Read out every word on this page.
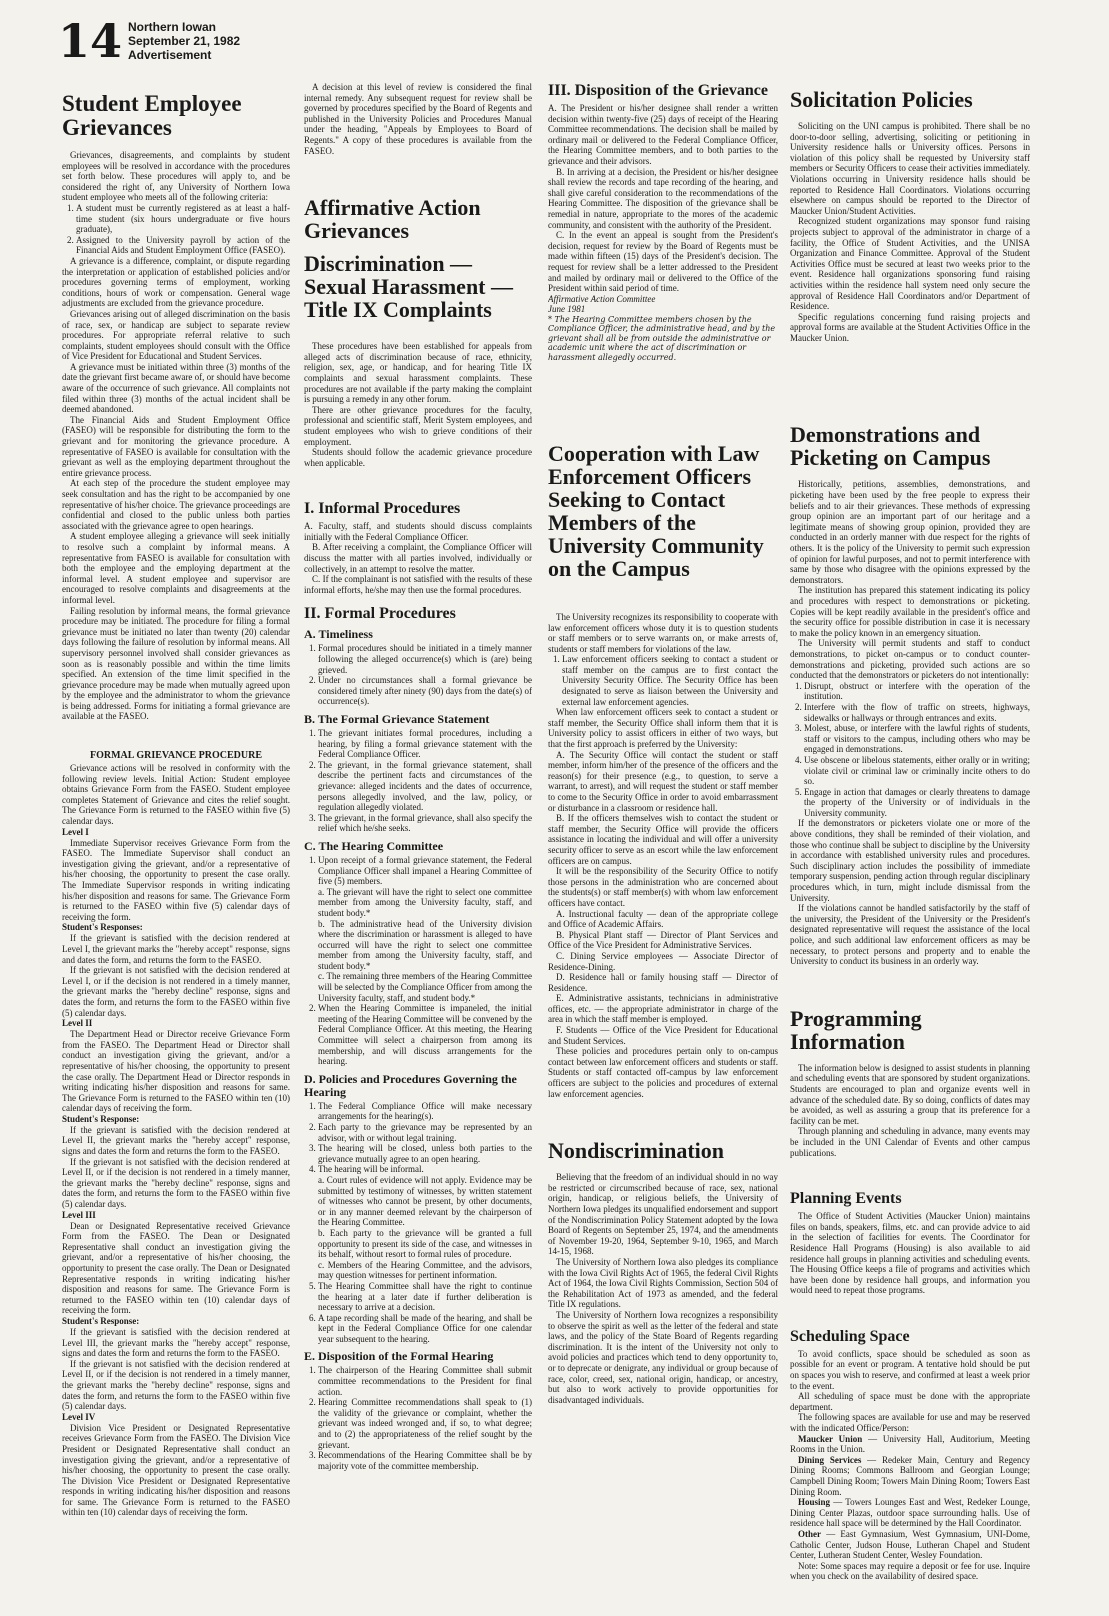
14 Northern Iowan
September 21, 1982
Advertisement
Student Employee Grievances

Grievances, disagreements, and complaints by student employees will be resolved in accordance with the procedures set forth below. These procedures will apply to, and be considered the right of, any University of Northern Iowa student employee who meets all of the following criteria:

1. A student must be currently registered as at least a half-time student (six hours undergraduate or five hours graduate),
2. Assigned to the University payroll by action of the Financial Aids and Student Employment Office (FASEO).

A grievance is a difference, complaint, or dispute regarding the interpretation or application of established policies and/or procedures governing terms of employment, working conditions, hours of work or compensation. General wage adjustments are excluded from the grievance procedure.

Grievances arising out of alleged discrimination on the basis of race, sex, or handicap are subject to separate review procedures. For appropriate referral relative to such complaints, student employees should consult with the Office of Vice President for Educational and Student Services.

A grievance must be initiated within three (3) months of the date the grievant first became aware of, or should have become aware of the occurrence of such grievance. All complaints not filed within three (3) months of the actual incident shall be deemed abandoned.

The Financial Aids and Student Employment Office (FASEO) will be responsible for distributing the form to the grievant and for monitoring the grievance procedure. A representative of FASEO is available for consultation with the grievant as well as the employing department throughout the entire grievance process.

At each step of the procedure the student employee may seek consultation and has the right to be accompanied by one representative of his/her choice. The grievance proceedings are confidential and closed to the public unless both parties associated with the grievance agree to open hearings.

A student employee alleging a grievance will seek initially to resolve such a complaint by informal means. A representative from FASEO is available for consultation with both the employee and the employing department at the informal level. A student employee and supervisor are encouraged to resolve complaints and disagreements at the informal level.

Failing resolution by informal means, the formal grievance procedure may be initiated. The procedure for filing a formal grievance must be initiated no later than twenty (20) calendar days following the failure of resolution by informal means. All supervisory personnel involved shall consider grievances as soon as is reasonably possible and within the time limits specified. An extension of the time limit specified in the grievance procedure may be made when mutually agreed upon by the employee and the administrator to whom the grievance is being addressed. Forms for initiating a formal grievance are available at the FASEO.

FORMAL GRIEVANCE PROCEDURE

Grievance actions will be resolved in conformity with the following review levels. Initial Action: Student employee obtains Grievance Form from the FASEO. Student employee completes Statement of Grievance and cites the relief sought. The Grievance Form is returned to the FASEO within five (5) calendar days.

Level I

Immediate Supervisor receives Grievance Form from the FASEO. The Immediate Supervisor shall conduct an investigation giving the grievant, and/or a representative of his/her choosing, the opportunity to present the case orally. The Immediate Supervisor responds in writing indicating his/her disposition and reasons for same. The Grievance Form is returned to the FASEO within five (5) calendar days of receiving the form.

Student's Responses:

If the grievant is satisfied with the decision rendered at Level I, the grievant marks the "hereby accept" response, signs and dates the form, and returns the form to the FASEO.

If the grievant is not satisfied with the decision rendered at Level I, or if the decision is not rendered in a timely manner, the grievant marks the "hereby decline" response, signs and dates the form, and returns the form to the FASEO within five (5) calendar days.

Level II

The Department Head or Director receive Grievance Form from the FASEO. The Department Head or Director shall conduct an investigation giving the grievant, and/or a representative of his/her choosing, the opportunity to present the case orally. The Department Head or Director responds in writing indicating his/her disposition and reasons for same. The Grievance Form is returned to the FASEO within ten (10) calendar days of receiving the form.

Student's Response:

If the grievant is satisfied with the decision rendered at Level II, the grievant marks the "hereby accept" response, signs and dates the form and returns the form to the FASEO.

If the grievant is not satisfied with the decision rendered at Level II, or if the decision is not rendered in a timely manner, the grievant marks the "hereby decline" response, signs and dates the form, and returns the form to the FASEO within five (5) calendar days.

Level III

Dean or Designated Representative received Grievance Form from the FASEO. The Dean or Designated Representative shall conduct an investigation giving the grievant, and/or a representative of his/her choosing, the opportunity to present the case orally. The Dean or Designated Representative responds in writing indicating his/her disposition and reasons for same. The Grievance Form is returned to the FASEO within ten (10) calendar days of receiving the form.

Student's Response:

If the grievant is satisfied with the decision rendered at Level III, the grievant marks the "hereby accept" response, signs and dates the form and returns the form to the FASEO.

If the grievant is not satisfied with the decision rendered at Level II, or if the decision is not rendered in a timely manner, the grievant marks the "hereby decline" response, signs and dates the form, and returns the form to the FASEO within five (5) calendar days.

Level IV

Division Vice President or Designated Representative receives Grievance Form from the FASEO. The Division Vice President or Designated Representative shall conduct an investigation giving the grievant, and/or a representative of his/her choosing, the opportunity to present the case orally. The Division Vice President or Designated Representative responds in writing indicating his/her disposition and reasons for same. The Grievance Form is returned to the FASEO within ten (10) calendar days of receiving the form.

A decision at this level of review is considered the final internal remedy. Any subsequent request for review shall be governed by procedures specified by the Board of Regents and published in the University Policies and Procedures Manual under the heading, "Appeals by Employees to Board of Regents." A copy of these procedures is available from the FASEO.

Affirmative Action Grievances
Discrimination — Sexual Harassment — Title IX Complaints

These procedures have been established for appeals from alleged acts of discrimination because of race, ethnicity, religion, sex, age, or handicap, and for hearing Title IX complaints and sexual harassment complaints. These procedures are not available if the party making the complaint is pursuing a remedy in any other forum.

There are other grievance procedures for the faculty, professional and scientific staff, Merit System employees, and student employees who wish to grieve conditions of their employment.

Students should follow the academic grievance procedure when applicable.

I. Informal Procedures

A. Faculty, staff, and students should discuss complaints initially with the Federal Compliance Officer.

B. After receiving a complaint, the Compliance Officer will discuss the matter with all parties involved, individually or collectively, in an attempt to resolve the matter.

C. If the complainant is not satisfied with the results of these informal efforts, he/she may then use the formal procedures.

II. Formal Procedures
A. Timeliness
1. Formal procedures should be initiated in a timely manner following the alleged occurrence(s) which is (are) being grieved.
2. Under no circumstances shall a formal grievance be considered timely after ninety (90) days from the date(s) of occurrence(s).
B. The Formal Grievance Statement
1. The grievant initiates formal procedures, including a hearing, by filing a formal grievance statement with the Federal Compliance Officer.
2. The grievant, in the formal grievance statement, shall describe the pertinent facts and circumstances of the grievance: alleged incidents and the dates of occurrence, persons allegedly involved, and the law, policy, or regulation allegedly violated.
3. The grievant, in the formal grievance, shall also specify the relief which he/she seeks.
C. The Hearing Committee
1. Upon receipt of a formal grievance statement, the Federal Compliance Officer shall impanel a Hearing Committee of five (5) members.
a. The grievant will have the right to select one committee member from among the University faculty, staff, and student body.*
b. The administrative head of the University division where the discrimination or harassment is alleged to have occurred will have the right to select one committee member from among the University faculty, staff, and student body.*
c. The remaining three members of the Hearing Committee will be selected by the Compliance Officer from among the University faculty, staff, and student body.*
2. When the Hearing Committee is impaneled, the initial meeting of the Hearing Committee will be convened by the Federal Compliance Officer. At this meeting, the Hearing Committee will select a chairperson from among its membership, and will discuss arrangements for the hearing.
D. Policies and Procedures Governing the Hearing
1. The Federal Compliance Office will make necessary arrangements for the hearing(s).
2. Each party to the grievance may be represented by an advisor, with or without legal training.
3. The hearing will be closed, unless both parties to the grievance mutually agree to an open hearing.
4. The hearing will be informal.
a. Court rules of evidence will not apply. Evidence may be submitted by testimony of witnesses, by written statement of witnesses who cannot be present, by other documents, or in any manner deemed relevant by the chairperson of the Hearing Committee.
b. Each party to the grievance will be granted a full opportunity to present its side of the case, and witnesses in its behalf, without resort to formal rules of procedure.
c. Members of the Hearing Committee, and the advisors, may question witnesses for pertinent information.
5. The Hearing Committee shall have the right to continue the hearing at a later date if further deliberation is necessary to arrive at a decision.
6. A tape recording shall be made of the hearing, and shall be kept in the Federal Compliance Office for one calendar year subsequent to the hearing.
E. Disposition of the Formal Hearing
1. The chairperson of the Hearing Committee shall submit committee recommendations to the President for final action.
2. Hearing Committee recommendations shall speak to (1) the validity of the grievance or complaint, whether the grievant was indeed wronged and, if so, to what degree; and to (2) the appropriateness of the relief sought by the grievant.
3. Recommendations of the Hearing Committee shall be by majority vote of the committee membership.
III. Disposition of the Grievance

A. The President or his/her designee shall render a written decision within twenty-five (25) days of receipt of the Hearing Committee recommendations. The decision shall be mailed by ordinary mail or delivered to the Federal Compliance Officer, the Hearing Committee members, and to both parties to the grievance and their advisors.

B. In arriving at a decision, the President or his/her designee shall review the records and tape recording of the hearing, and shall give careful consideration to the recommendations of the Hearing Committee. The disposition of the grievance shall be remedial in nature, appropriate to the mores of the academic community, and consistent with the authority of the President.

C. In the event an appeal is sought from the President's decision, request for review by the Board of Regents must be made within fifteen (15) days of the President's decision. The request for review shall be a letter addressed to the President and mailed by ordinary mail or delivered to the Office of the President within said period of time.

Affirmative Action Committee
June 1981
* The Hearing Committee members chosen by the Compliance Officer, the administrative head, and by the grievant shall all be from outside the administrative or academic unit where the act of discrimination or harassment allegedly occurred.
Cooperation with Law Enforcement Officers Seeking to Contact Members of the University Community on the Campus

The University recognizes its responsibility to cooperate with law enforcement officers whose duty it is to question students or staff members or to serve warrants on, or make arrests of, students or staff members for violations of the law.

1. Law enforcement officers seeking to contact a student or staff member on the campus are to first contact the University Security Office. The Security Office has been designated to serve as liaison between the University and external law enforcement agencies.

When law enforcement officers seek to contact a student or staff member, the Security Office shall inform them that it is University policy to assist officers in either of two ways, but that the first approach is preferred by the University:

A. The Security Office will contact the student or staff member, inform him/her of the presence of the officers and the reason(s) for their presence (e.g., to question, to serve a warrant, to arrest), and will request the student or staff member to come to the Security Office in order to avoid embarrassment or disturbance in a classroom or residence hall.

B. If the officers themselves wish to contact the student or staff member, the Security Office will provide the officers assistance in locating the individual and will offer a university security officer to serve as an escort while the law enforcement officers are on campus.

It will be the responsibility of the Security Office to notify those persons in the administration who are concerned about the students(s) or staff member(s) with whom law enforcement officers have contact.

A. Instructional faculty — dean of the appropriate college and Office of Academic Affairs.

B. Physical Plant staff — Director of Plant Services and Office of the Vice President for Administrative Services.

C. Dining Service employees — Associate Director of Residence-Dining.

D. Residence hall or family housing staff — Director of Residence.

E. Administrative assistants, technicians in administrative offices, etc. — the appropriate administrator in charge of the area in which the staff member is employed.

F. Students — Office of the Vice President for Educational and Student Services.

These policies and procedures pertain only to on-campus contact between law enforcement officers and students or staff. Students or staff contacted off-campus by law enforcement officers are subject to the policies and procedures of external law enforcement agencies.

Nondiscrimination

Believing that the freedom of an individual should in no way be restricted or circumscribed because of race, sex, national origin, handicap, or religious beliefs, the University of Northern Iowa pledges its unqualified endorsement and support of the Nondiscrimination Policy Statement adopted by the Iowa Board of Regents on September 25, 1974, and the amendments of November 19-20, 1964, September 9-10, 1965, and March 14-15, 1968.

The University of Northern Iowa also pledges its compliance with the Iowa Civil Rights Act of 1965, the federal Civil Rights Act of 1964, the Iowa Civil Rights Commission, Section 504 of the Rehabilitation Act of 1973 as amended, and the federal Title IX regulations.

The University of Northern Iowa recognizes a responsibility to observe the spirit as well as the letter of the federal and state laws, and the policy of the State Board of Regents regarding discrimination. It is the intent of the University not only to avoid policies and practices which tend to deny opportunity to, or to deprecate or denigrate, any individual or group because of race, color, creed, sex, national origin, handicap, or ancestry, but also to work actively to provide opportunities for disadvantaged individuals.

Solicitation Policies

Soliciting on the UNI campus is prohibited. There shall be no door-to-door selling, advertising, soliciting or petitioning in University residence halls or University offices. Persons in violation of this policy shall be requested by University staff members or Security Officers to cease their activities immediately. Violations occurring in University residence halls should be reported to Residence Hall Coordinators. Violations occurring elsewhere on campus should be reported to the Director of Maucker Union/Student Activities.

Recognized student organizations may sponsor fund raising projects subject to approval of the administrator in charge of a facility, the Office of Student Activities, and the UNISA Organization and Finance Committee. Approval of the Student Activities Office must be secured at least two weeks prior to the event. Residence hall organizations sponsoring fund raising activities within the residence hall system need only secure the approval of Residence Hall Coordinators and/or Department of Residence.

Specific regulations concerning fund raising projects and approval forms are available at the Student Activities Office in the Maucker Union.

Demonstrations and Picketing on Campus

Historically, petitions, assemblies, demonstrations, and picketing have been used by the free people to express their beliefs and to air their grievances. These methods of expressing group opinion are an important part of our heritage and a legitimate means of showing group opinion, provided they are conducted in an orderly manner with due respect for the rights of others. It is the policy of the University to permit such expression of opinion for lawful purposes, and not to permit interference with same by those who disagree with the opinions expressed by the demonstrators.

The institution has prepared this statement indicating its policy and procedures with respect to demonstrations or picketing. Copies will be kept readily available in the president's office and the security office for possible distribution in case it is necessary to make the policy known in an emergency situation.

The University will permit students and staff to conduct demonstrations, to picket on-campus or to conduct counter-demonstrations and picketing, provided such actions are so conducted that the demonstrators or picketers do not intentionally:

1. Disrupt, obstruct or interfere with the operation of the institution.
2. Interfere with the flow of traffic on streets, highways, sidewalks or hallways or through entrances and exits.
3. Molest, abuse, or interfere with the lawful rights of students, staff or visitors to the campus, including others who may be engaged in demonstrations.
4. Use obscene or libelous statements, either orally or in writing; violate civil or criminal law or criminally incite others to do so.
5. Engage in action that damages or clearly threatens to damage the property of the University or of individuals in the University community.

If the demonstrators or picketers violate one or more of the above conditions, they shall be reminded of their violation, and those who continue shall be subject to discipline by the University in accordance with established university rules and procedures. Such disciplinary action includes the possibility of immediate temporary suspension, pending action through regular disciplinary procedures which, in turn, might include dismissal from the University.

If the violations cannot be handled satisfactorily by the staff of the university, the President of the University or the President's designated representative will request the assistance of the local police, and such additional law enforcement officers as may be necessary, to protect persons and property and to enable the University to conduct its business in an orderly way.

Programming Information

The information below is designed to assist students in planning and scheduling events that are sponsored by student organizations. Students are encouraged to plan and organize events well in advance of the scheduled date. By so doing, conflicts of dates may be avoided, as well as assuring a group that its preference for a facility can be met.

Through planning and scheduling in advance, many events may be included in the UNI Calendar of Events and other campus publications.

Planning Events

The Office of Student Activities (Maucker Union) maintains files on bands, speakers, films, etc. and can provide advice to aid in the selection of facilities for events. The Coordinator for Residence Hall Programs (Housing) is also available to aid residence hall groups in planning activities and scheduling events. The Housing Office keeps a file of programs and activities which have been done by residence hall groups, and information you would need to repeat those programs.

Scheduling Space

To avoid conflicts, space should be scheduled as soon as possible for an event or program. A tentative hold should be put on spaces you wish to reserve, and confirmed at least a week prior to the event.

All scheduling of space must be done with the appropriate department.

The following spaces are available for use and may be reserved with the indicated Office/Person:

Maucker Union — University Hall, Auditorium, Meeting Rooms in the Union.

Dining Services — Redeker Main, Century and Regency Dining Rooms; Commons Ballroom and Georgian Lounge; Campbell Dining Room; Towers Main Dining Room; Towers East Dining Room.

Housing — Towers Lounges East and West, Redeker Lounge, Dining Center Plazas, outdoor space surrounding halls. Use of residence hall space will be determined by the Hall Coordinator.

Other — East Gymnasium, West Gymnasium, UNI-Dome, Catholic Center, Judson House, Lutheran Chapel and Student Center, Lutheran Student Center, Wesley Foundation.

Note: Some spaces may require a deposit or fee for use. Inquire when you check on the availability of desired space.
